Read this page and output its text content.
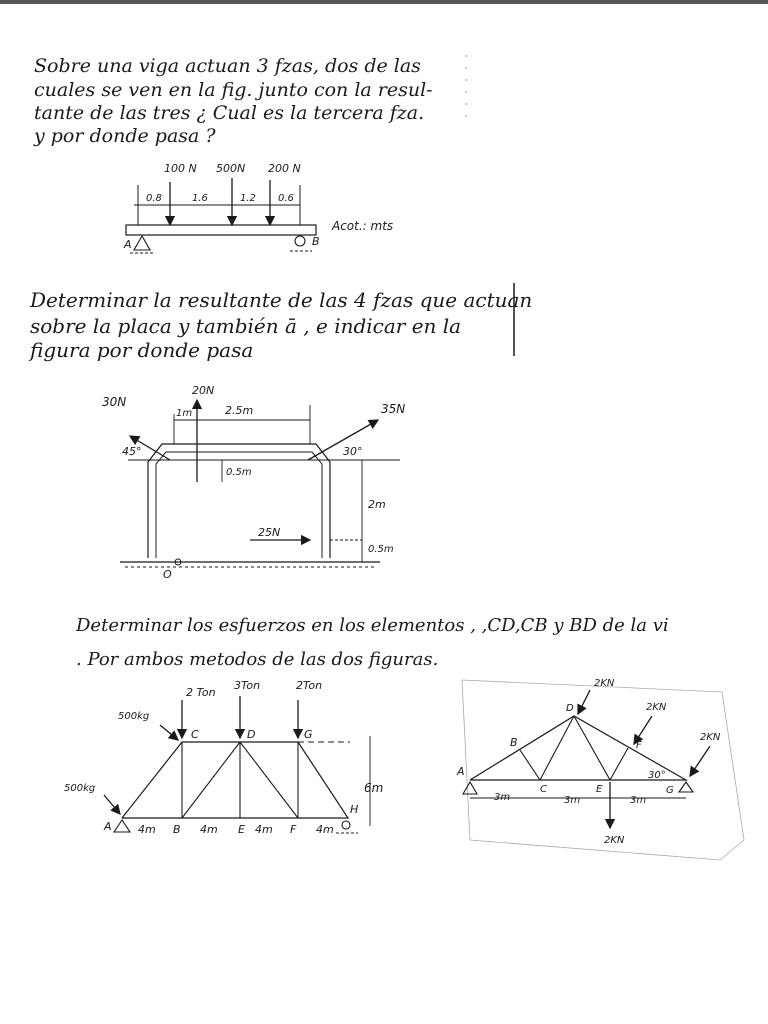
Sobre una viga actuan 3 fzas, dos de las
cuales se ven en la fig. junto con la resul-
tante de las tres ¿ Cual es la tercera fza.
y por donde pasa ?
Determinar la resultante de las 4 fzas que actuan
sobre la placa y también ā , e indicar en la
figura por donde pasa
Determinar los esfuerzos en los elementos , ,CD,CB y BD de la vi
. Por ambos metodos de las dos figuras.
100 N 500N 200 N
0.8	1.6	1.2 0.6
A	B
Acot.: mts
O
30N
45°
20N
35N
30°
25N
1m	2.5m
0.5m
2m
0.5m
6m
2 Ton
3Ton	2Ton
500kg
500kg
A	B
C	D
E	F
G
H
4m	4m	4m	4m
2KN
2KN
2KN
2KN
A
B
C
D
E
F
G
30°
3m	3m	3m
